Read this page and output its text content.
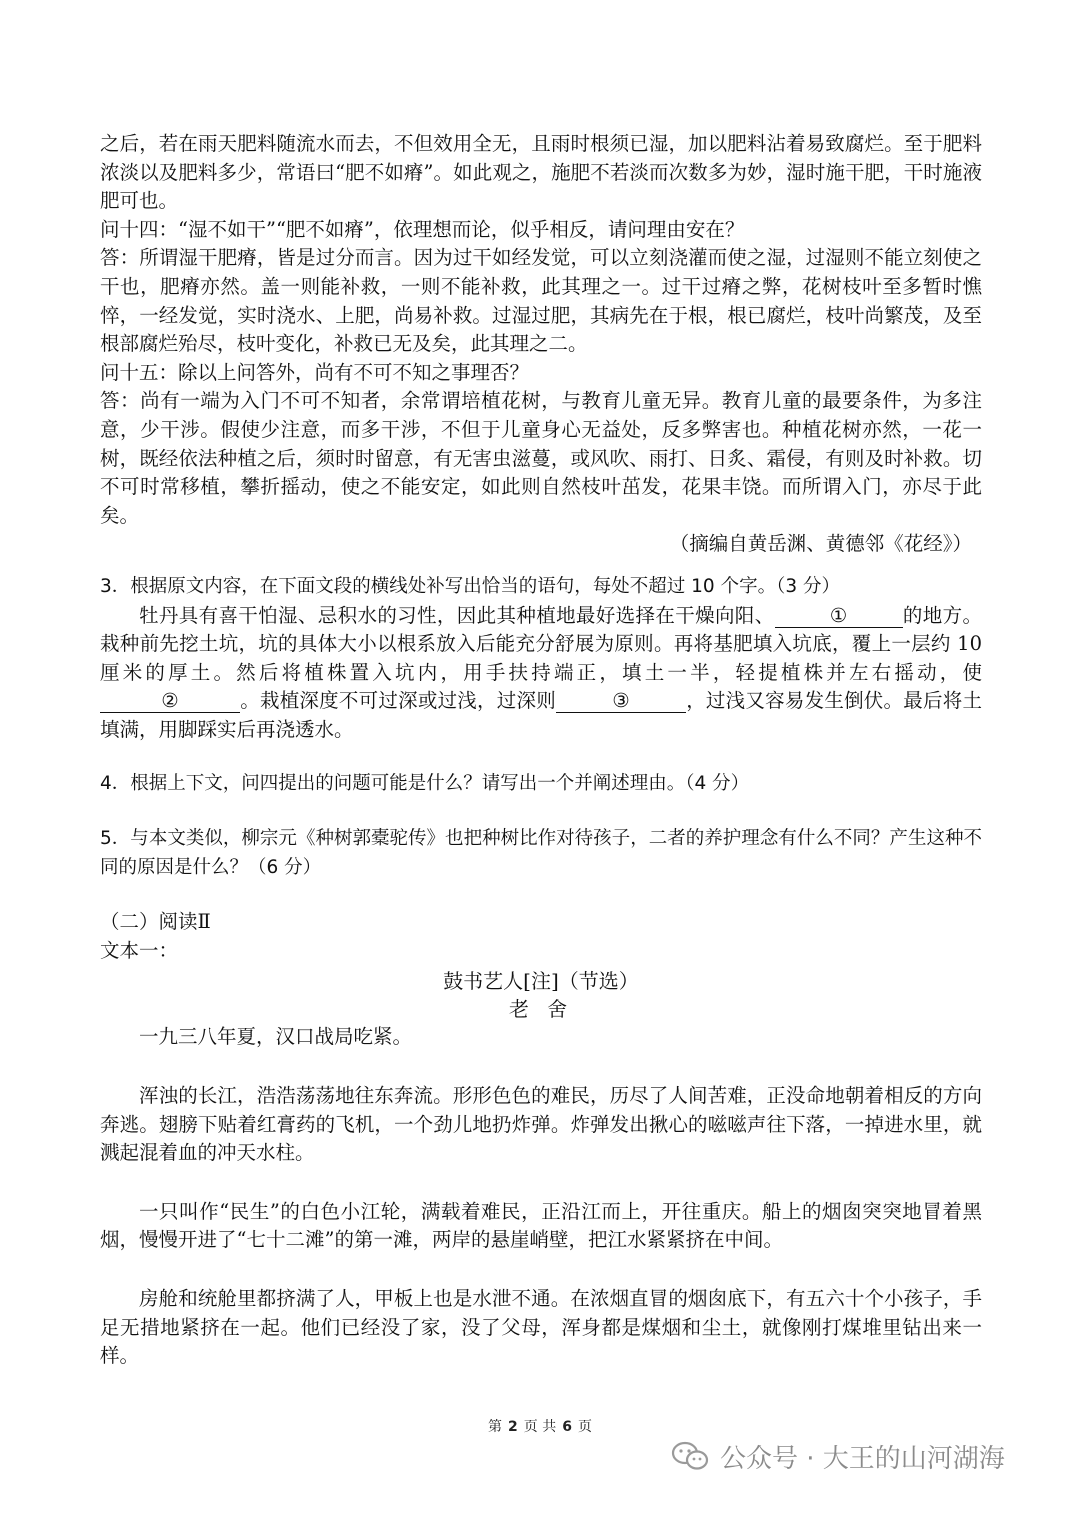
之后，若在雨天肥料随流水而去，不但效用全无，且雨时根须已湿，加以肥料沾着易致腐烂。至于肥料浓淡以及肥料多少，常语曰“肥不如瘠”。如此观之，施肥不若淡而次数多为妙，湿时施干肥，干时施液肥可也。

问十四：“湿不如干”“肥不如瘠”，依理想而论，似乎相反，请问理由安在？

答：所谓湿干肥瘠，皆是过分而言。因为过干如经发觉，可以立刻浇灌而使之湿，过湿则不能立刻使之干也，肥瘠亦然。盖一则能补救，一则不能补救，此其理之一。过干过瘠之弊，花树枝叶至多暂时憔悴，一经发觉，实时浇水、上肥，尚易补救。过湿过肥，其病先在于根，根已腐烂，枝叶尚繁茂，及至根部腐烂殆尽，枝叶变化，补救已无及矣，此其理之二。

问十五：除以上问答外，尚有不可不知之事理否？

答：尚有一端为入门不可不知者，余常谓培植花树，与教育儿童无异。教育儿童的最要条件，为多注意，少干涉。假使少注意，而多干涉，不但于儿童身心无益处，反多弊害也。种植花树亦然，一花一树，既经依法种植之后，须时时留意，有无害虫滋蔓，或风吹、雨打、日炙、霜侵，有则及时补救。切不可时常移植，攀折摇动，使之不能安定，如此则自然枝叶茁发，花果丰饶。而所谓入门，亦尽于此矣。

（摘编自黄岳渊、黄德邻《花经》）

3．根据原文内容，在下面文段的横线处补写出恰当的语句，每处不超过 10 个字。（3 分）

牡丹具有喜干怕湿、忌积水的习性，因此其种植地最好选择在干燥向阳、	①	的地方。栽种前先挖土坑，坑的具体大小以根系放入后能充分舒展为原则。再将基肥填入坑底，覆上一层约 10 厘米的厚土。然后将植株置入坑内，用手扶持端正，填土一半，轻提植株并左右摇动，使②	。栽植深度不可过深或过浅，过深则	③	，过浅又容易发生倒伏。最后将土填满，用脚踩实后再浇透水。

4．根据上下文，问四提出的问题可能是什么？请写出一个并阐述理由。（4 分）

5．与本文类似，柳宗元《种树郭橐驼传》也把种树比作对待孩子，二者的养护理念有什么不同？产生这种不同的原因是什么？（6 分）

（二）阅读Ⅱ

文本一：

鼓书艺人[注]（节选）

老 舍

一九三八年夏，汉口战局吃紧。

浑浊的长江，浩浩荡荡地往东奔流。形形色色的难民，历尽了人间苦难，正没命地朝着相反的方向奔逃。翅膀下贴着红膏药的飞机，一个劲儿地扔炸弹。炸弹发出揪心的嗞嗞声往下落，一掉进水里，就溅起混着血的冲天水柱。

一只叫作“民生”的白色小江轮，满载着难民，正沿江而上，开往重庆。船上的烟囱突突地冒着黑烟，慢慢开进了“七十二滩”的第一滩，两岸的悬崖峭壁，把江水紧紧挤在中间。

房舱和统舱里都挤满了人，甲板上也是水泄不通。在浓烟直冒的烟囱底下，有五六十个小孩子，手足无措地紧挤在一起。他们已经没了家，没了父母，浑身都是煤烟和尘土，就像刚打煤堆里钻出来一样。

第 2 页 共 6 页
公众号 · 大王的山河湖海
